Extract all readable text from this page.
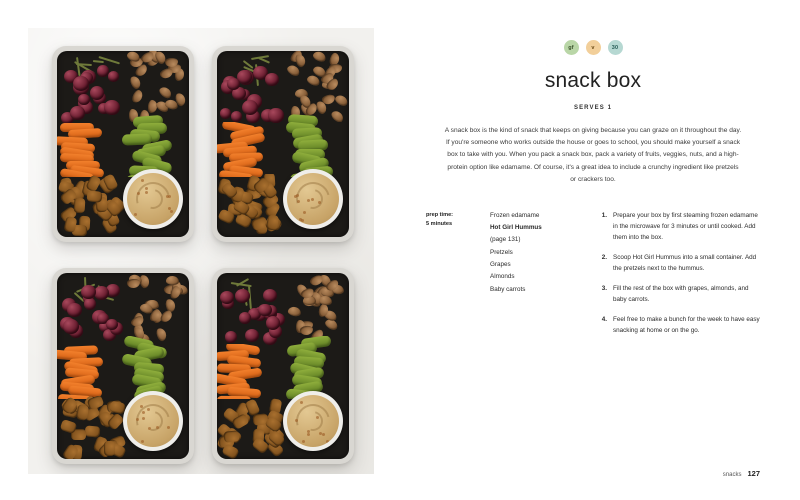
gf	v	30
snack box
SERVES 1

A snack box is the kind of snack that keeps on giving because you can graze on it throughout the day. If you're someone who works outside the house or goes to school, you should make yourself a snack box to take with you. When you pack a snack box, pack a variety of fruits, veggies, nuts, and a high-protein option like edamame. Of course, it's a great idea to include a crunchy ingredient like pretzels or crackers too.

prep time:
5 minutes
Frozen edamame
Hot Girl Hummus
(page 131)
Pretzels
Grapes
Almonds
Baby carrots
1. Prepare your box by first steaming frozen edamame in the microwave for 3 minutes or until cooked. Add them into the box.
2. Scoop Hot Girl Hummus into a small container. Add the pretzels next to the hummus.
3. Fill the rest of the box with grapes, almonds, and baby carrots.
4. Feel free to make a bunch for the week to have easy snacking at home or on the go.
snacks 127
